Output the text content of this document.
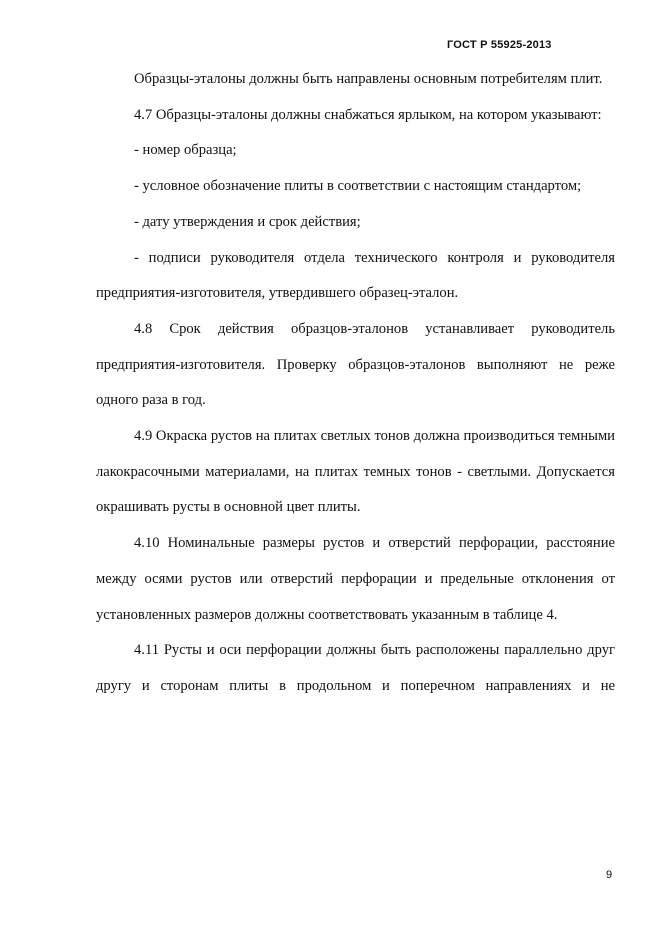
ГОСТ Р 55925-2013

Образцы-эталоны должны быть направлены основным потребителям плит.

4.7 Образцы-эталоны должны снабжаться ярлыком, на котором указывают:

- номер образца;

- условное обозначение плиты в соответствии с настоящим стандартом;

- дату утверждения и срок действия;

- подписи руководителя отдела технического контроля и руководителя предприятия-изготовителя, утвердившего образец-эталон.

4.8 Срок действия образцов-эталонов устанавливает руководитель предприятия-изготовителя. Проверку образцов-эталонов выполняют не реже одного раза в год.

4.9 Окраска рустов на плитах светлых тонов должна производиться темными лакокрасочными материалами, на плитах темных тонов - светлыми. Допускается окрашивать русты в основной цвет плиты.

4.10 Номинальные размеры рустов и отверстий перфорации, расстояние между осями рустов или отверстий перфорации и предельные отклонения от установленных размеров должны соответствовать указанным в таблице 4.

4.11 Русты и оси перфорации должны быть расположены параллельно друг другу и сторонам плиты в продольном и поперечном направлениях и не

9
